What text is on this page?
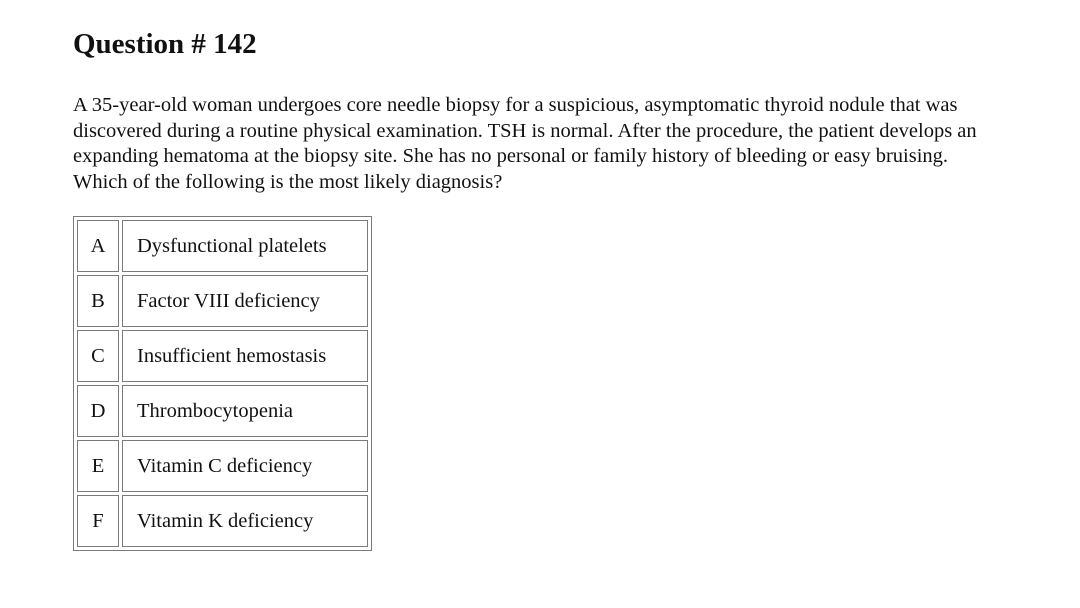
Question # 142

A 35-year-old woman undergoes core needle biopsy for a suspicious, asymptomatic thyroid nodule that was discovered during a routine physical examination. TSH is normal. After the procedure, the patient develops an expanding hematoma at the biopsy site. She has no personal or family history of bleeding or easy bruising. Which of the following is the most likely diagnosis?

A	Dysfunctional platelets
B	Factor VIII deficiency
C	Insufficient hemostasis
D	Thrombocytopenia
E	Vitamin C deficiency
F	Vitamin K deficiency
